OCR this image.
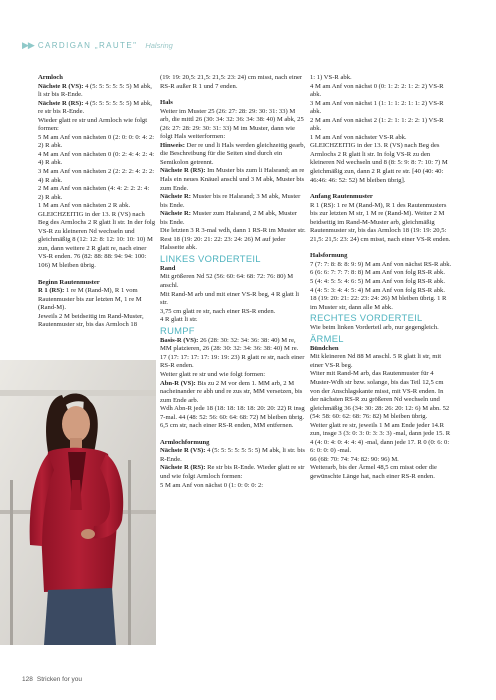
▶▶ CARDIGAN „RAUTE" Halsring

Armloch

Nächste R (VS): 4 (5: 5: 5: 5: 5: 5) M abk, li str bis R-Ende.

Nächste R (RS): 4 (5: 5: 5: 5: 5: 5) M abk, re str bis R-Ende.

Wieder glatt re str und Armloch wie folgt formen:

5 M am Anf von nächsten 0 (2: 0: 0: 0: 4: 2: 2) R abk.

4 M am Anf von nächsten 0 (0: 2: 4: 4: 2: 4: 4) R abk.

3 M am Anf von nächsten 2 (2: 2: 2: 4: 2: 2: 4) R abk.

2 M am Anf von nächsten (4: 4: 2: 2: 2: 4: 2) R abk.

1 M am Anf von nächsten 2 R abk. GLEICHZEITIG in der 13. R (VS) nach Beg des Armlochs 2 R glatt li str. In der folg VS-R zu kleineren Nd wechseln und gleichmäßig 8 (12: 12: 8: 12: 10: 10: 10) M zun, dann weitere 2 R glatt re, nach einer VS-R enden. 76 (82: 88: 88: 94: 94: 100: 106) M bleiben übrig.

Beginn Rautenmuster

R 1 (RS): 1 re M (Rand-M), R 1 vom Rautenmuster bis zur letzten M, 1 re M (Rand-M).

Jeweils 2 M beidseitig im Rand-Muster, Rautenmuster str, bis das Armloch 18

(19: 19: 20,5: 21,5: 21,5: 23: 24) cm misst, nach einer RS-R außer R 1 und 7 enden.

Hals

Weiter im Muster 25 (26: 27: 28: 29: 30: 31: 33) M arb, die mittl 26 (30: 34: 32: 36: 34: 38: 40) M abk, 25 (26: 27: 28: 29: 30: 31: 33) M im Muster, dann wie folgt Hals weiterformen:

Hinweis: Der re und li Hals werden gleichzeitig gearb, die Beschreibung für die Seiten sind durch ein Semikolon getrennt.

Nächste R (RS): Im Muster bis zum li Halsrand; an re Hals ein neues Knäuel anschl und 3 M abk, Muster bis zum Ende.

Nächste R: Muster bis re Halsrand; 3 M abk, Muster bis Ende.

Nächste R: Muster zum Halsrand, 2 M abk, Muster bis Ende.

Die letzten 3 R 3-mal wdh, dann 1 RS-R im Muster str. Rest 18 (19: 20: 21: 22: 23: 24: 26) M auf jeder Halsseite abk.

LINKES VORDERTEIL

Rand

Mit größeren Nd 52 (56: 60: 64: 68: 72: 76: 80) M anschl.

Mit Rand-M arb und mit einer VS-R beg, 4 R glatt li str.

3,75 cm glatt re str, nach einer RS-R enden.

4 R glatt li str.

RUMPF

Basis-R (VS): 26 (28: 30: 32: 34: 36: 38: 40) M re, MM platzieren, 26 (28: 30: 32: 34: 36: 38: 40) M re.

17 (17: 17: 17: 17: 19: 19: 23) R glatt re str, nach einer RS-R enden.

Weiter glatt re str und wie folgt formen:

Abn-R (VS): Bis zu 2 M vor dem 1. MM arb, 2 M nacheinander re abh und re zus str, MM versetzen, bis zum Ende arb.

Wdh Abn-R jede 18 (18: 18: 18: 18: 20: 20: 22) R insg 7-mal. 44 (48: 52: 56: 60: 64: 68: 72) M bleiben übrig.

6,5 cm str, nach einer RS-R enden, MM entfernen.

Armlochformung

Nächste R (VS): 4 (5: 5: 5: 5: 5: 5: 5) M abk, li str. bis R-Ende.

Nächste R (RS): Re str bis R-Ende. Wieder glatt re str und wie folgt Armloch formen:

5 M am Anf von nächst 0 (1: 0: 0: 0: 2:

1: 1) VS-R abk.

4 M am Anf von nächst 0 (0: 1: 2: 2: 1: 2: 2) VS-R abk.

3 M am Anf von nächst 1 (1: 1: 1: 2: 1: 1: 2) VS-R abk.

2 M am Anf von nächst 2 (1: 2: 1: 1: 2: 2: 1) VS-R abk.

1 M am Anf von nächster VS-R abk. GLEICHZEITIG in der 13. R (VS) nach Beg des Armlochs 2 R glatt li str. In folg VS-R zu den kleineren Nd wechseln und 8 (8: 5: 9: 8: 7: 10: 7) M gleichmäßig zun, dann 2 R glatt re str. [40 (40: 40: 46:46: 46: 52: 52) M bleiben übrig].

Anfang Rautenmuster

R 1 (RS): 1 re M (Rand-M), R 1 des Rautenmusters bis zur letzten M str, 1 M re (Rand-M). Weiter 2 M beidseitig im Rand-M-Muster arb, gleichmäßig Rautenmuster str, bis das Armloch 18 (19: 19: 20,5: 21,5: 21,5: 23: 24) cm misst, nach einer VS-R enden.

Halsformung

7 (7: 7: 8: 8: 8: 9: 9) M am Anf von nächst RS-R abk.

6 (6: 6: 7: 7: 7: 8: 8) M am Anf von folg RS-R abk.

5 (4: 4: 5: 5: 4: 6: 5) M am Anf von folg RS-R abk.

4 (4: 5: 3: 4: 4: 5: 4) M am Anf von folg RS-R abk. 18 (19: 20: 21: 22: 23: 24: 26) M bleiben übrig. 1 R im Muster str, dann alle M abk.

RECHTES VORDERTEIL

Wie beim linken Vorderteil arb, nur gegengleich.

ÄRMEL

Bündchen

Mit kleineren Nd 88 M anschl. 5 R glatt li str, mit einer VS-R beg.

Witer mit Rand-M arb, das Rautenmuster für 4 Muster-Wdh str bzw. solange, bis das Teil 12,5 cm von der Anschlagskante misst, mit VS-R enden. In der nächsten RS-R zu größeren Nd wechseln und gleichmäßig 36 (34: 30: 28: 26: 20: 12: 6) M abn. 52 (54: 58: 60: 62: 68: 76: 82) M bleiben übrig.

Weiter glatt re str, jeweils 1 M am Ende jeder 14.R zun, insge 3 (3: 0: 3: 0: 3: 3: 3) -mal, dann jede 15. R 4 (4: 0: 4: 0: 4: 4: 4) -mal, dann jede 17. R 0 (0: 6: 0: 6: 0: 0: 0) -mal.

66 (68: 70: 74: 74: 82: 90: 96) M.

Weiterarb, bis der Ärmel 48,5 cm misst oder die gewünschte Länge hat, nach einer RS-R enden.

128 Stricken for you
